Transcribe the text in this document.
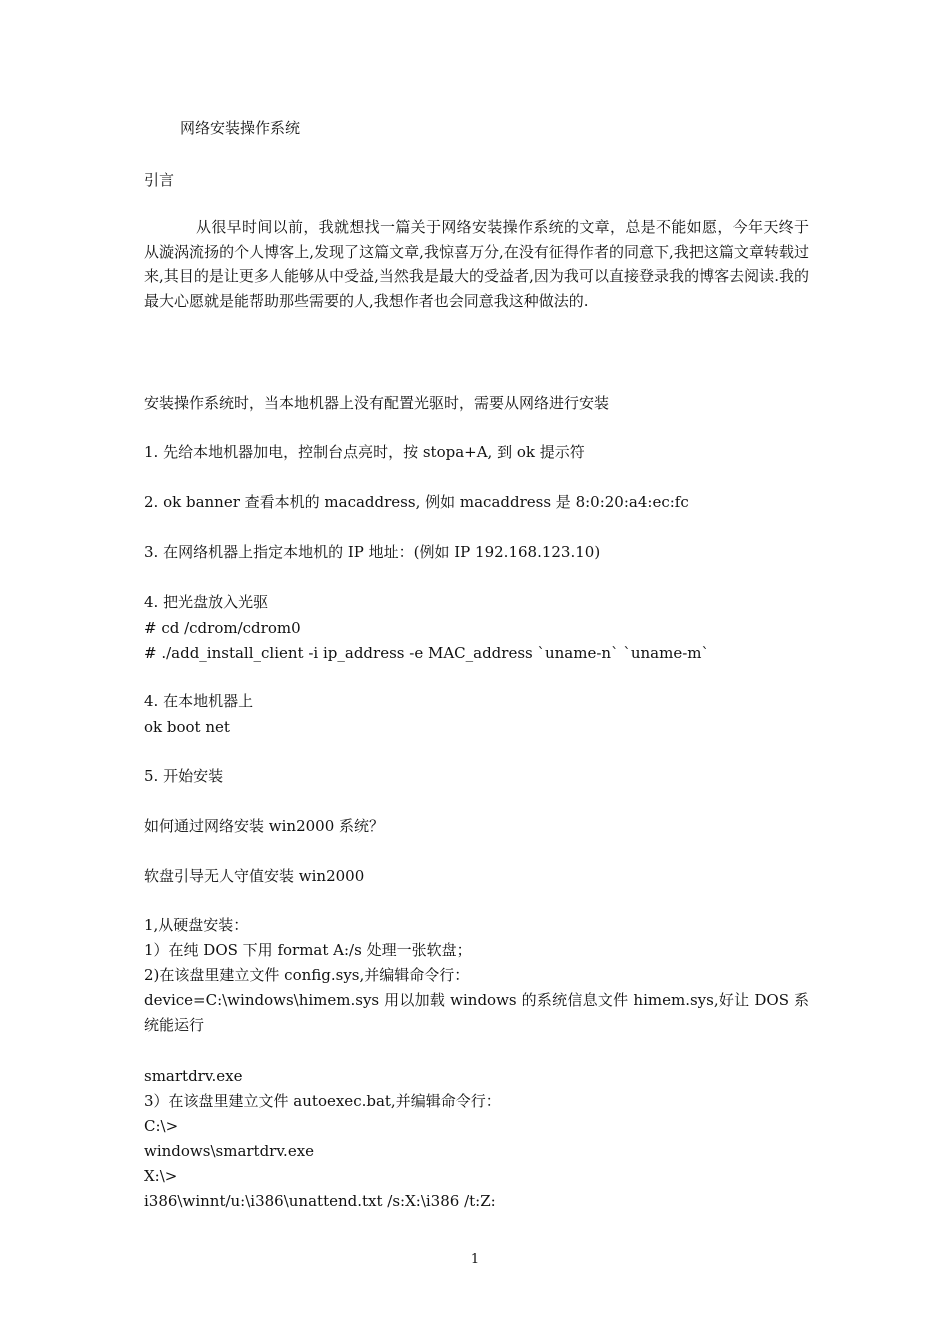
网络安装操作系统
引言
从很早时间以前，我就想找一篇关于网络安装操作系统的文章，总是不能如愿，今年天终于从漩涡流扬的个人博客上,发现了这篇文章,我惊喜万分,在没有征得作者的同意下,我把这篇文章转载过来,其目的是让更多人能够从中受益,当然我是最大的受益者,因为我可以直接登录我的博客去阅读.我的最大心愿就是能帮助那些需要的人,我想作者也会同意我这种做法的.
安装操作系统时，当本地机器上没有配置光驱时，需要从网络进行安装
1. 先给本地机器加电，控制台点亮时，按 stopa+A, 到 ok 提示符
2. ok banner 查看本机的 macaddress, 例如 macaddress 是 8:0:20:a4:ec:fc
3. 在网络机器上指定本地机的 IP 地址：(例如 IP 192.168.123.10)
4. 把光盘放入光驱
# cd /cdrom/cdrom0
# ./add_install_client -i ip_address -e MAC_address `uname-n` `uname-m`
4. 在本地机器上
ok boot net
5. 开始安装
如何通过网络安装 win2000 系统？
软盘引导无人守值安装 win2000
1,从硬盘安装：
1）在纯 DOS 下用 format A:/s 处理一张软盘；
2)在该盘里建立文件 config.sys,并编辑命令行：
device=C:\windows\himem.sys 用以加载 windows 的系统信息文件 himem.sys,好让 DOS 系统能运行
smartdrv.exe
3）在该盘里建立文件 autoexec.bat,并编辑命令行：
C:\>
windows\smartdrv.exe
X:\>
i386\winnt/u:\i386\unattend.txt /s:X:\i386 /t:Z:
1
